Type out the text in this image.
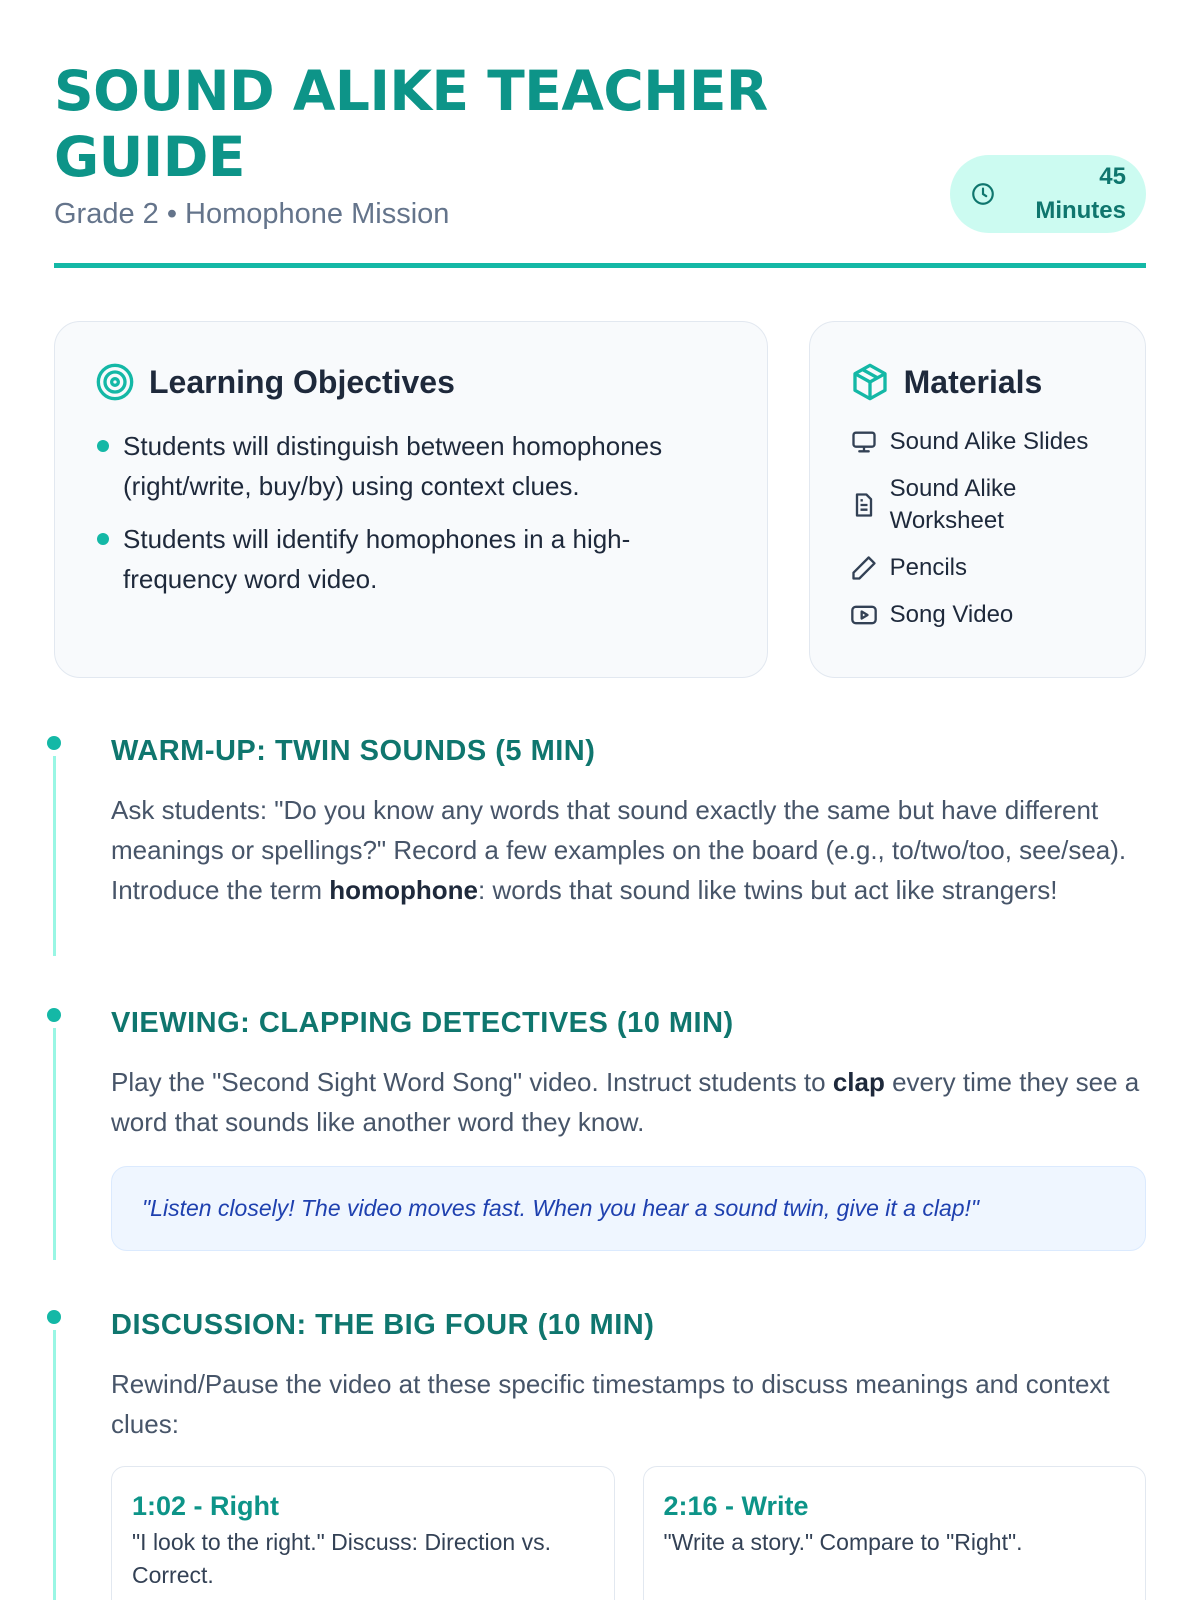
SOUND ALIKE TEACHER GUIDE
Grade 2 • Homophone Mission
45 Minutes
Learning Objectives
Students will distinguish between homophones (right/write, buy/by) using context clues.
Students will identify homophones in a high-frequency word video.
Materials
Sound Alike Slides
Sound Alike Worksheet
Pencils
Song Video
WARM-UP: TWIN SOUNDS (5 MIN)

Ask students: "Do you know any words that sound exactly the same but have different meanings or spellings?" Record a few examples on the board (e.g., to/two/too, see/sea). Introduce the term homophone: words that sound like twins but act like strangers!

VIEWING: CLAPPING DETECTIVES (10 MIN)

Play the "Second Sight Word Song" video. Instruct students to clap every time they see a word that sounds like another word they know.

"Listen closely! The video moves fast. When you hear a sound twin, give it a clap!"
DISCUSSION: THE BIG FOUR (10 MIN)

Rewind/Pause the video at these specific timestamps to discuss meanings and context clues:

1:02 - Right
"I look to the right." Discuss: Direction vs. Correct.
2:16 - Write
"Write a story." Compare to "Right".
